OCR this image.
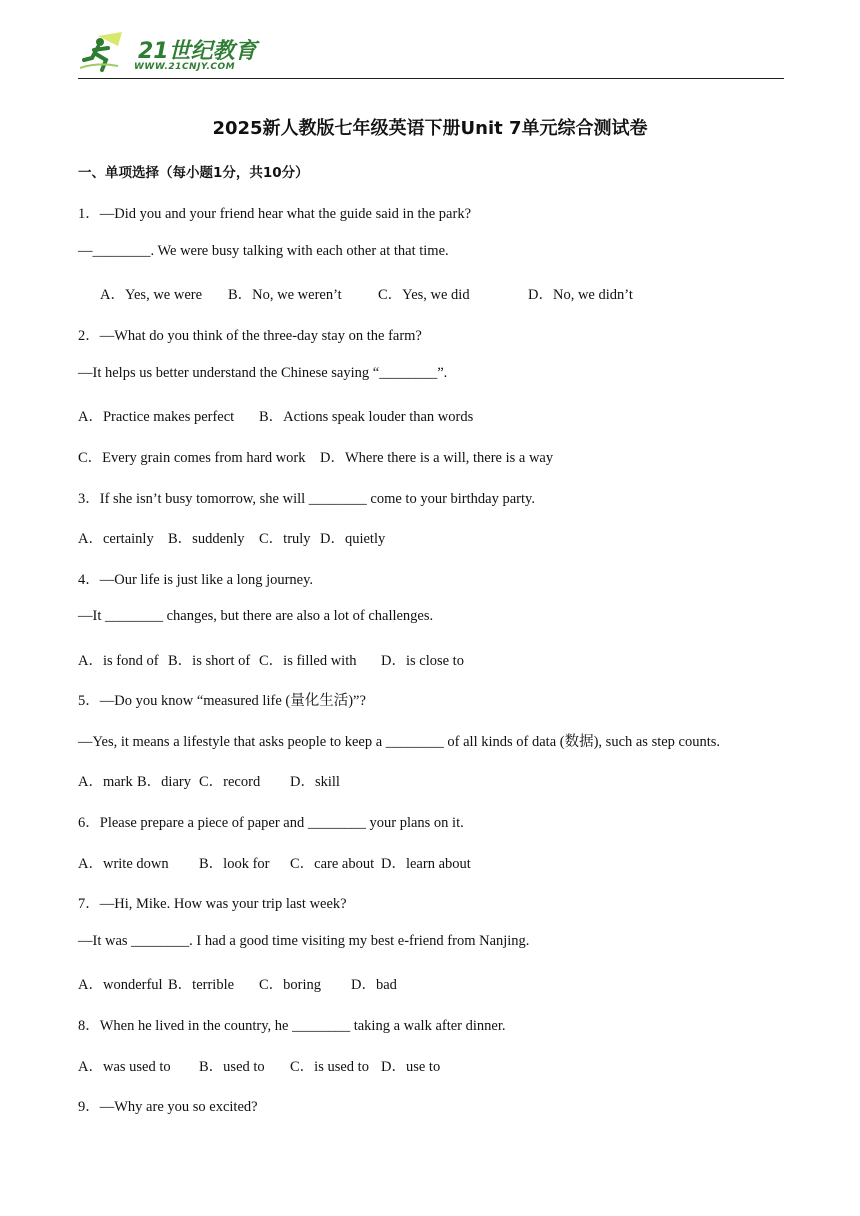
21世纪教育
WWW.21CNJY.COM
2025新人教版七年级英语下册Unit 7单元综合测试卷
一、单项选择（每小题1分，共10分）
1．—Did you and your friend hear what the guide said in the park?
—________. We were busy talking with each other at that time.
A．Yes, we were B．No, we weren’t	C．Yes, we did	D．No, we didn’t
2．—What do you think of the three-day stay on the farm?
—It helps us better understand the Chinese saying “________”.
A．Practice makes perfect B．Actions speak louder than words
C．Every grain comes from hard work D．Where there is a will, there is a way
3．If she isn’t busy tomorrow, she will ________ come to your birthday party.
A．certainly B．suddenly C．truly D．quietly
4．—Our life is just like a long journey.
—It ________ changes, but there are also a lot of challenges.
A．is fond of B．is short of C．is filled with D．is close to
5．—Do you know “measured life (量化生活)”?
—Yes, it means a lifestyle that asks people to keep a ________ of all kinds of data (数据), such as step counts.
A．mark B．diary C．record D．skill
6．Please prepare a piece of paper and ________ your plans on it.
A．write down B．look for C．care about D．learn about
7．—Hi, Mike. How was your trip last week?
—It was ________. I had a good time visiting my best e-friend from Nanjing.
A．wonderful B．terrible C．boring D．bad
8．When he lived in the country, he ________ taking a walk after dinner.
A．was used to B．used to C．is used to D．use to
9．—Why are you so excited?
